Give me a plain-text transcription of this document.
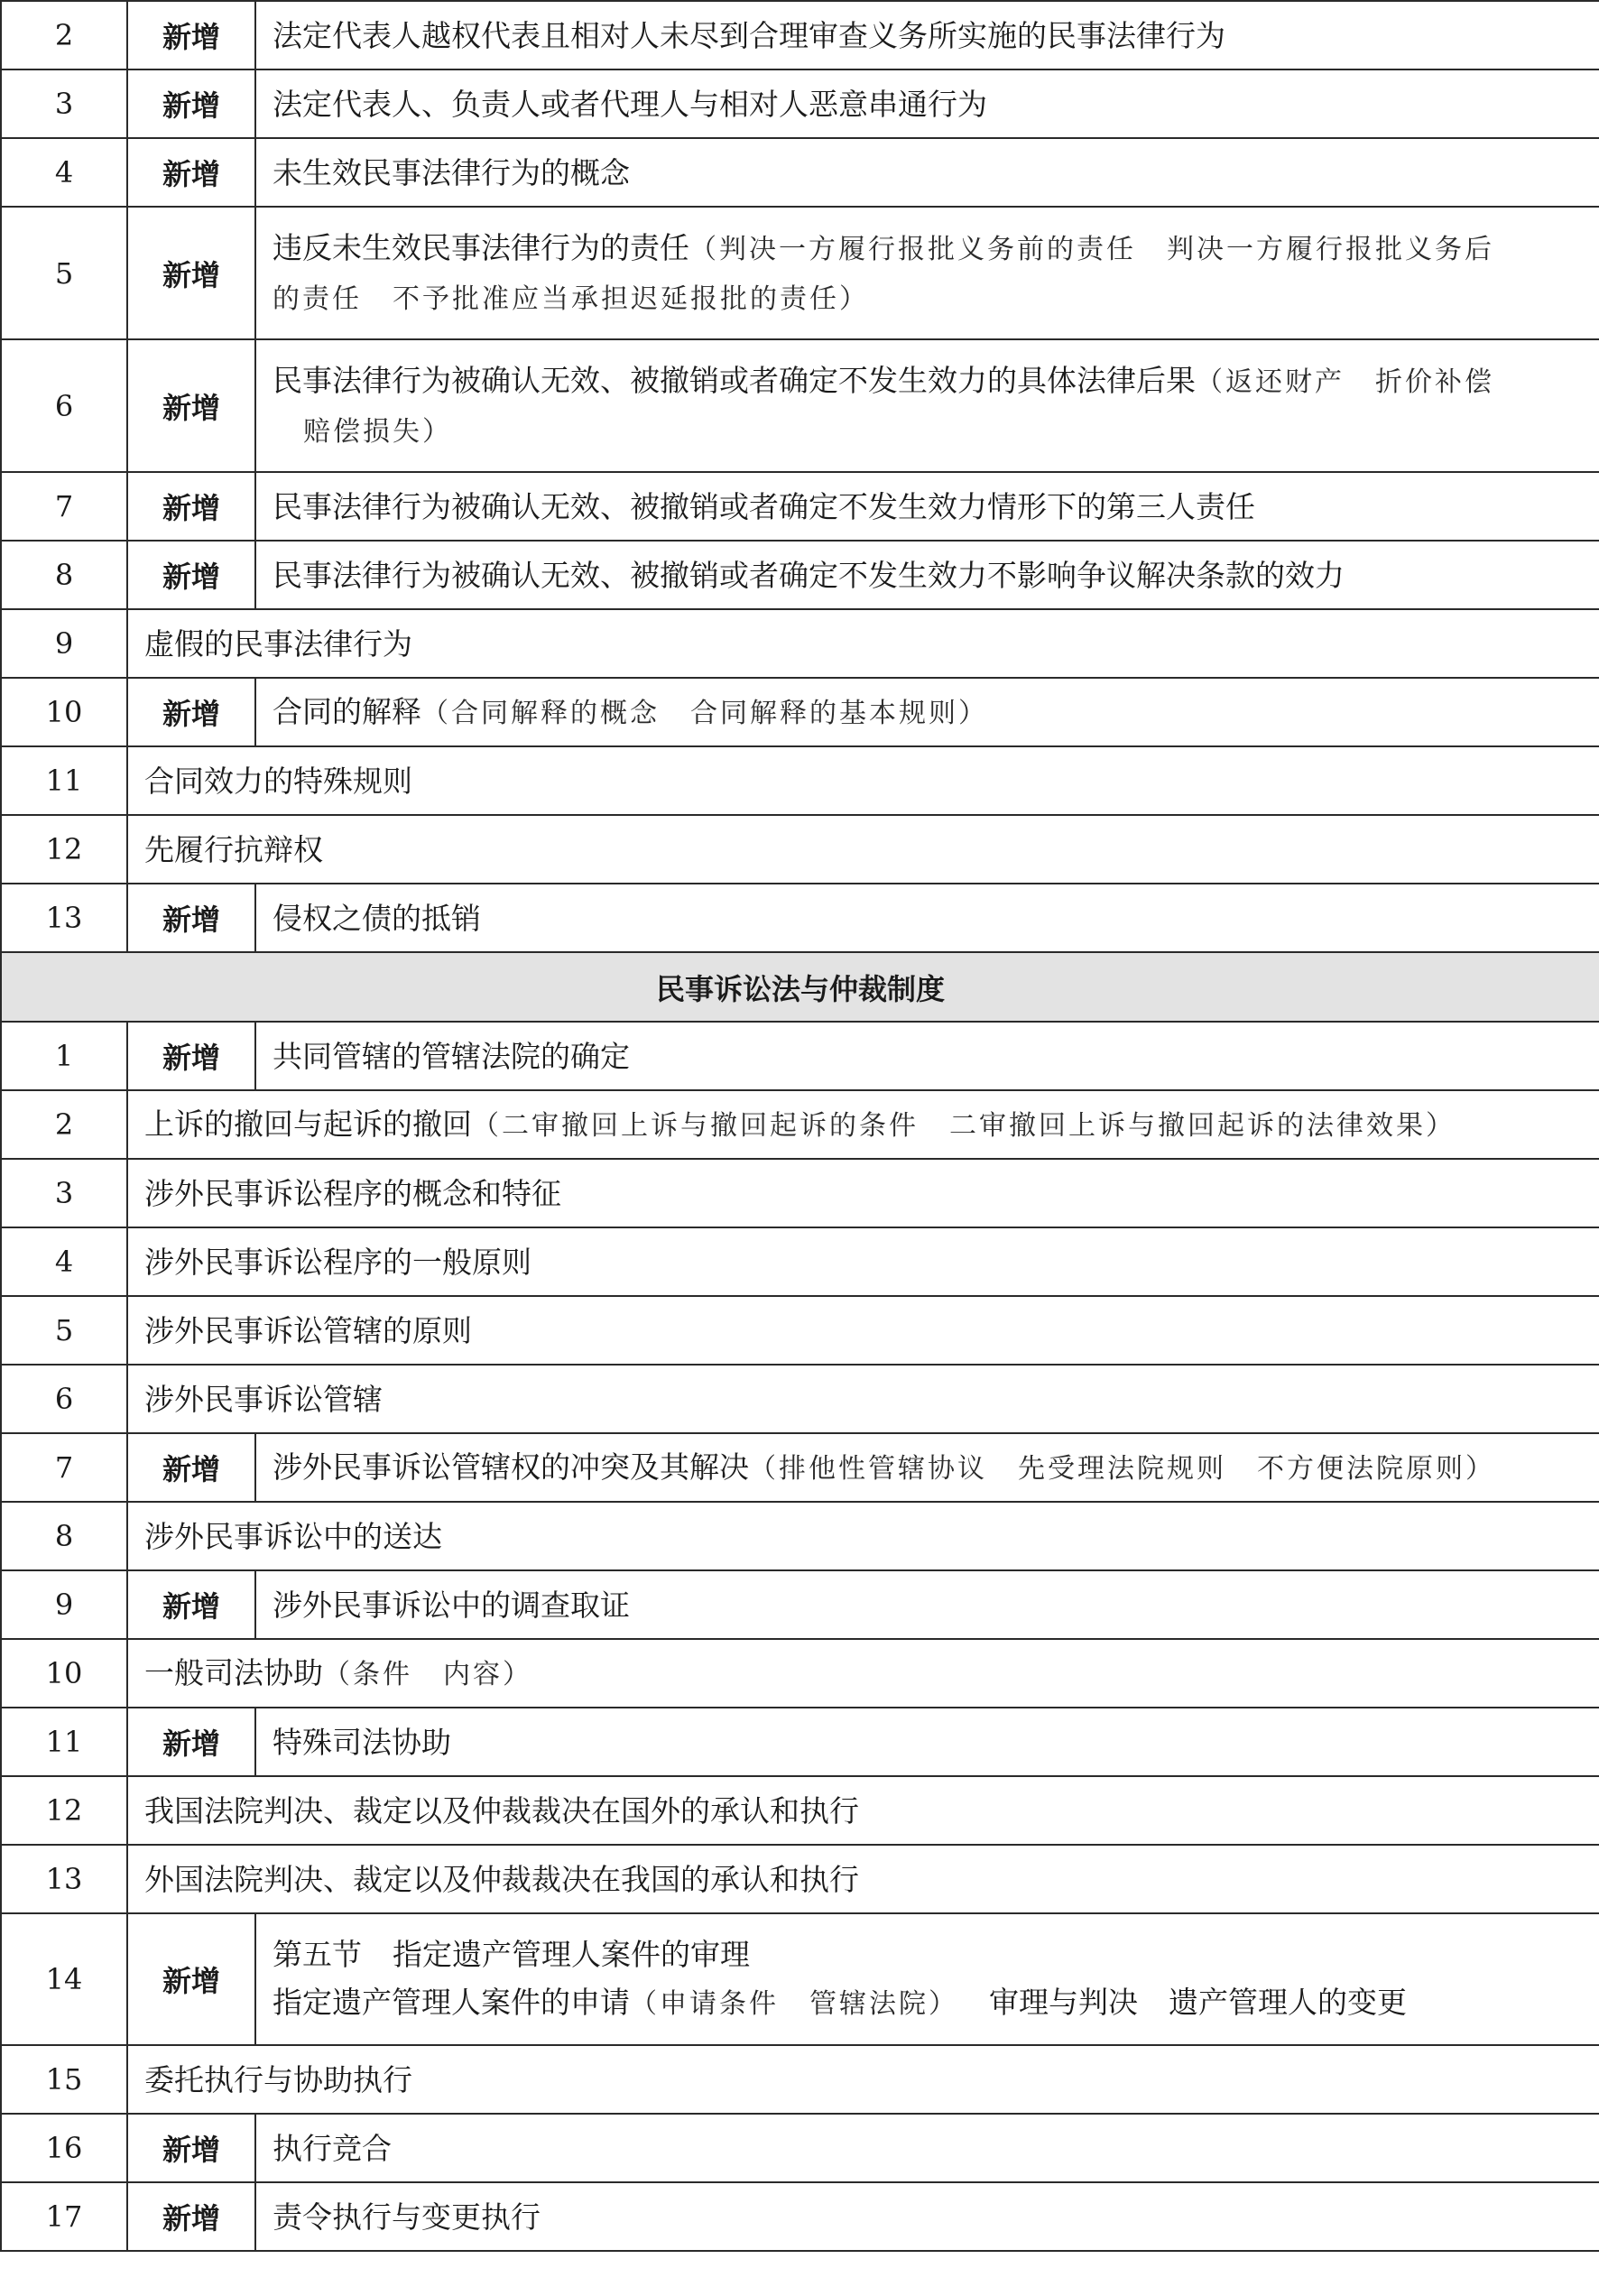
2	新增	法定代表人越权代表且相对人未尽到合理审查义务所实施的民事法律行为
3	新增	法定代表人、负责人或者代理人与相对人恶意串通行为
4	新增	未生效民事法律行为的概念
5	新增	违反未生效民事法律行为的责任（判决一方履行报批义务前的责任 判决一方履行报批义务后
的责任 不予批准应当承担迟延报批的责任）
6	新增	民事法律行为被确认无效、被撤销或者确定不发生效力的具体法律后果（返还财产 折价补偿
赔偿损失）
7	新增	民事法律行为被确认无效、被撤销或者确定不发生效力情形下的第三人责任
8	新增	民事法律行为被确认无效、被撤销或者确定不发生效力不影响争议解决条款的效力
9	虚假的民事法律行为	
10	新增	合同的解释（合同解释的概念 合同解释的基本规则）
11	合同效力的特殊规则	
12	先履行抗辩权	
13	新增	侵权之债的抵销
民事诉讼法与仲裁制度		
1	新增	共同管辖的管辖法院的确定
2	上诉的撤回与起诉的撤回（二审撤回上诉与撤回起诉的条件 二审撤回上诉与撤回起诉的法律效果）	
3	涉外民事诉讼程序的概念和特征	
4	涉外民事诉讼程序的一般原则	
5	涉外民事诉讼管辖的原则	
6	涉外民事诉讼管辖	
7	新增	涉外民事诉讼管辖权的冲突及其解决（排他性管辖协议 先受理法院规则 不方便法院原则）
8	涉外民事诉讼中的送达	
9	新增	涉外民事诉讼中的调查取证
10	一般司法协助（条件 内容）	
11	新增	特殊司法协助
12	我国法院判决、裁定以及仲裁裁决在国外的承认和执行	
13	外国法院判决、裁定以及仲裁裁决在我国的承认和执行	
14	新增	第五节 指定遗产管理人案件的审理
指定遗产管理人案件的申请（申请条件 管辖法院） 审理与判决 遗产管理人的变更
15	委托执行与协助执行	
16	新增	执行竞合
17	新增	责令执行与变更执行
